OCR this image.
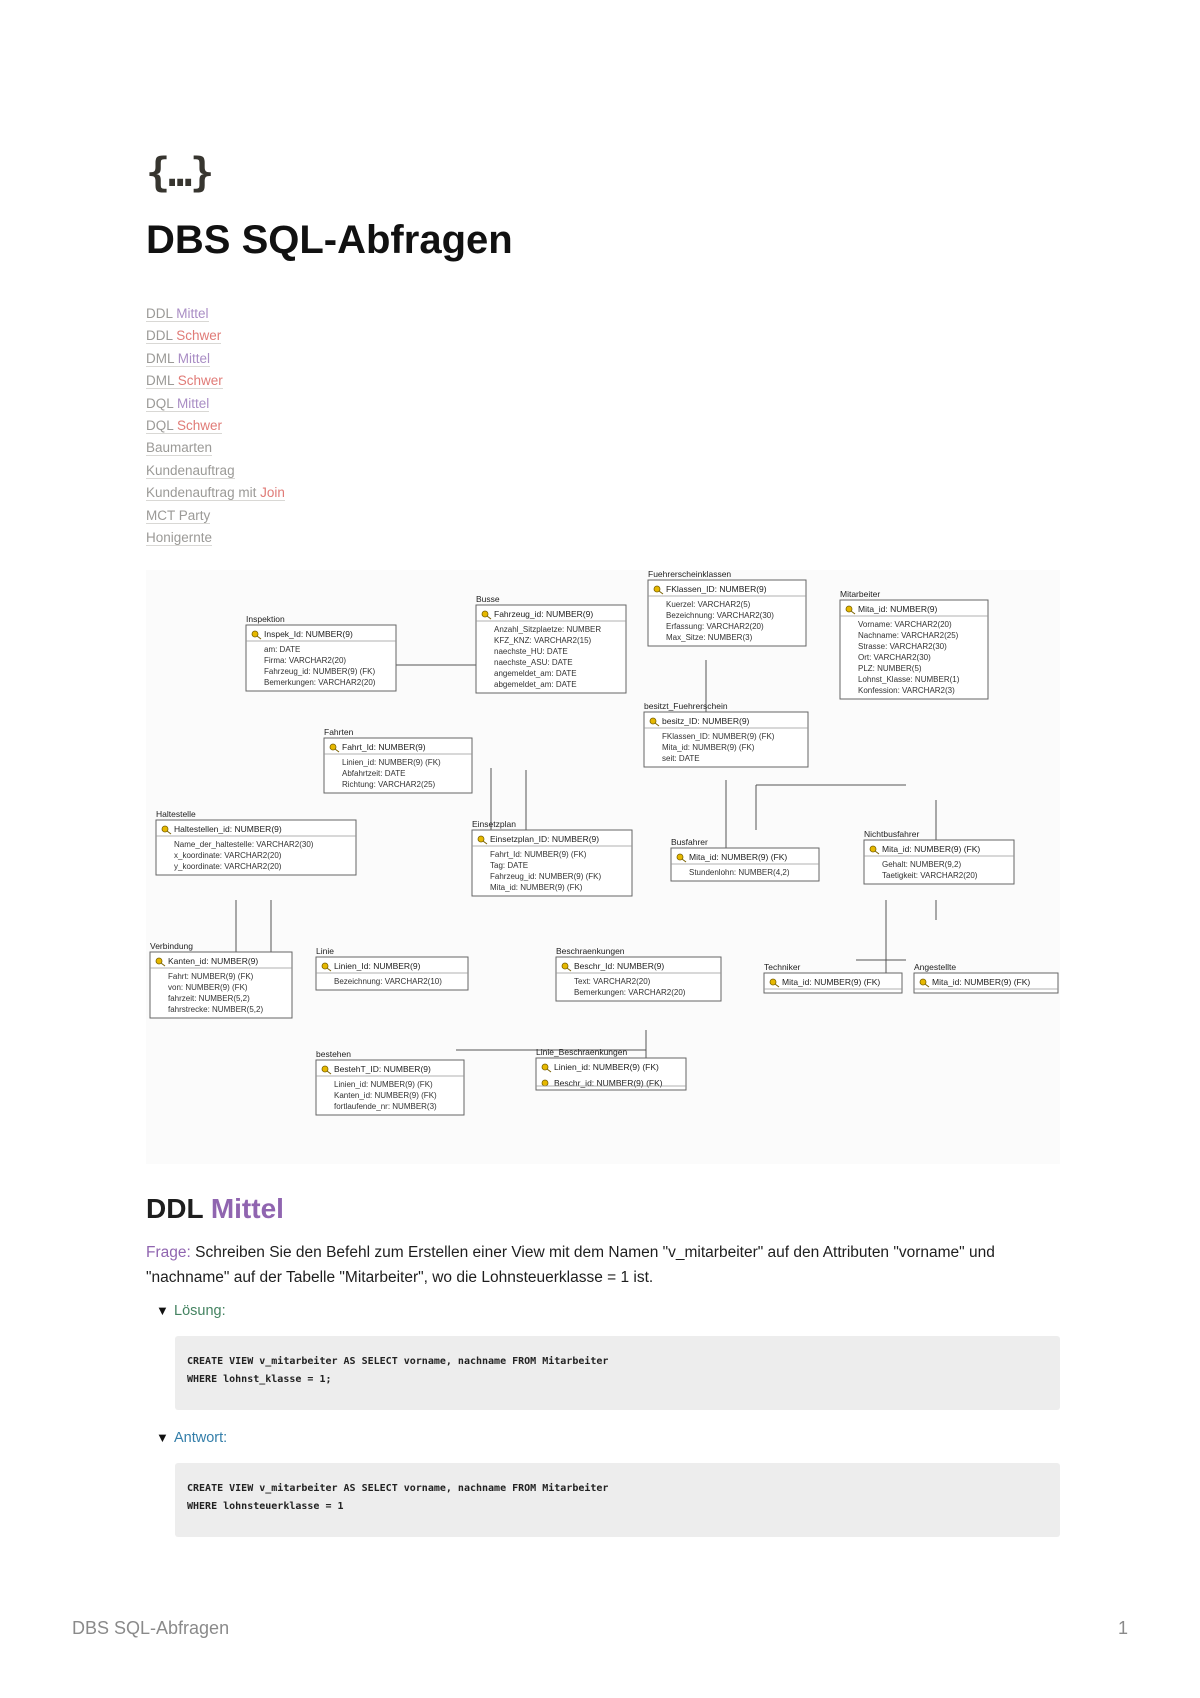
{…}
DBS SQL-Abfragen
DDL Mittel
DDL Schwer
DML Mittel
DML Schwer
DQL Mittel
DQL Schwer
Baumarten
Kundenauftrag
Kundenauftrag mit Join
MCT Party
Honigernte
Inspektion
Inspek_Id: NUMBER(9)
am: DATE
Firma: VARCHAR2(20)
Fahrzeug_id: NUMBER(9) (FK)
Bemerkungen: VARCHAR2(20)
Busse
Fahrzeug_id: NUMBER(9)
Anzahl_Sitzplaetze: NUMBER
KFZ_KNZ: VARCHAR2(15)
naechste_HU: DATE
naechste_ASU: DATE
angemeldet_am: DATE
abgemeldet_am: DATE
Fuehrerscheinklassen
FKlassen_ID: NUMBER(9)
Kuerzel: VARCHAR2(5)
Bezeichnung: VARCHAR2(30)
Erfassung: VARCHAR2(20)
Max_Sitze: NUMBER(3)
Mitarbeiter
Mita_id: NUMBER(9)
Vorname: VARCHAR2(20)
Nachname: VARCHAR2(25)
Strasse: VARCHAR2(30)
Ort: VARCHAR2(30)
PLZ: NUMBER(5)
Lohnst_Klasse: NUMBER(1)
Konfession: VARCHAR2(3)
besitzt_Fuehrerschein
besitz_ID: NUMBER(9)
FKlassen_ID: NUMBER(9) (FK)
Mita_id: NUMBER(9) (FK)
seit: DATE
Fahrten
Fahrt_Id: NUMBER(9)
Linien_id: NUMBER(9) (FK)
Abfahrtzeit: DATE
Richtung: VARCHAR2(25)
Haltestelle
Haltestellen_id: NUMBER(9)
Name_der_haltestelle: VARCHAR2(30)
x_koordinate: VARCHAR2(20)
y_koordinate: VARCHAR2(20)
Einsetzplan
Einsetzplan_ID: NUMBER(9)
Fahrt_Id: NUMBER(9) (FK)
Tag: DATE
Fahrzeug_id: NUMBER(9) (FK)
Mita_id: NUMBER(9) (FK)
Busfahrer
Mita_id: NUMBER(9) (FK)
Stundenlohn: NUMBER(4,2)
Nichtbusfahrer
Mita_id: NUMBER(9) (FK)
Gehalt: NUMBER(9,2)
Taetigkeit: VARCHAR2(20)
Verbindung
Kanten_id: NUMBER(9)
Fahrt: NUMBER(9) (FK)
von: NUMBER(9) (FK)
fahrzeit: NUMBER(5,2)
fahrstrecke: NUMBER(5,2)
Linie
Linien_Id: NUMBER(9)
Bezeichnung: VARCHAR2(10)
Beschraenkungen
Beschr_Id: NUMBER(9)
Text: VARCHAR2(20)
Bemerkungen: VARCHAR2(20)
Techniker
Mita_id: NUMBER(9) (FK)
Angestellte
Mita_id: NUMBER(9) (FK)
bestehen
BestehT_ID: NUMBER(9)
Linien_id: NUMBER(9) (FK)
Kanten_id: NUMBER(9) (FK)
fortlaufende_nr: NUMBER(3)
Linie_Beschraenkungen
Linien_id: NUMBER(9) (FK)
Beschr_id: NUMBER(9) (FK)
DDL Mittel
Frage: Schreiben Sie den Befehl zum Erstellen einer View mit dem Namen "v_mitarbeiter" auf den Attributen "vorname" und "nachname" auf der Tabelle "Mitarbeiter", wo die Lohnsteuerklasse = 1 ist.
▼ Lösung:
CREATE VIEW v_mitarbeiter AS SELECT vorname, nachname FROM Mitarbeiter
WHERE lohnst_klasse = 1;
▼ Antwort:
CREATE VIEW v_mitarbeiter AS SELECT vorname, nachname FROM Mitarbeiter
WHERE lohnsteuerklasse = 1
DBS SQL-Abfragen	1
